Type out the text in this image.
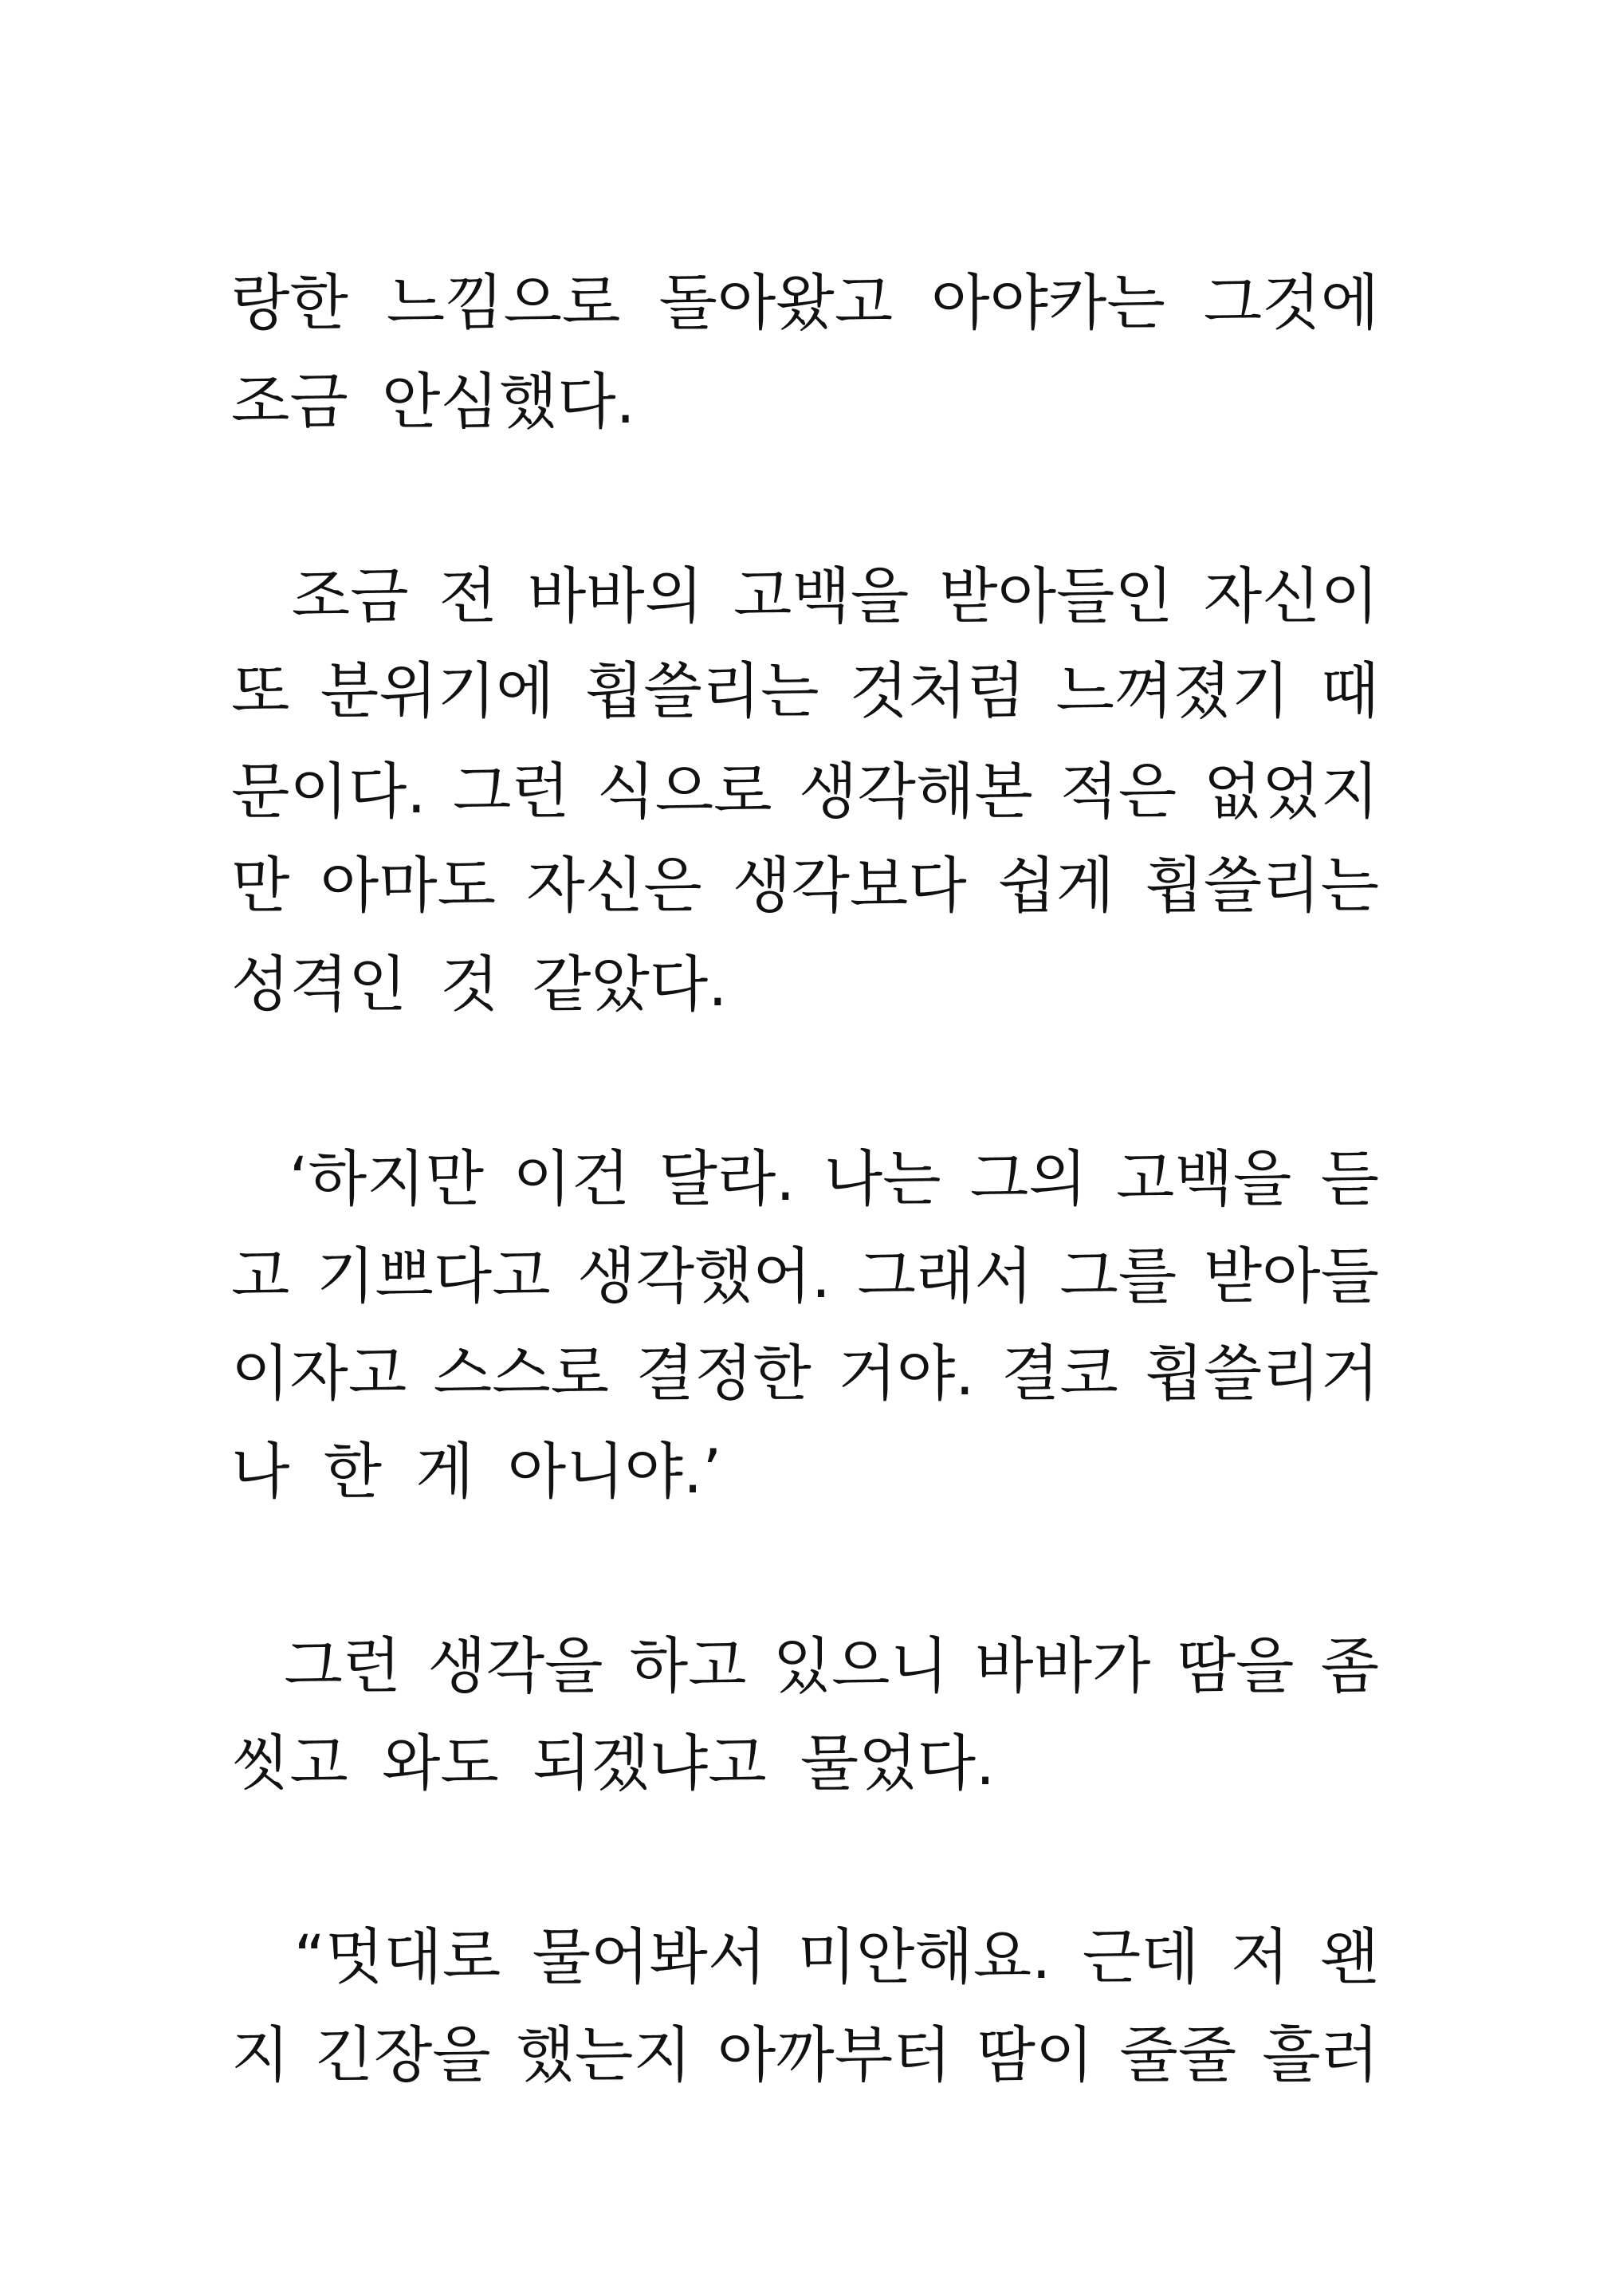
랑한 느낌으로 돌아왔고 아야카는 그것에
조금 안심했다.
조금 전 바바의 고백을 받아들인 자신이
또 분위기에 휩쓸리는 것처럼 느껴졌기 때
문이다. 그런 식으로 생각해본 적은 없었지
만 아마도 자신은 생각보다 쉽게 휩쓸리는
성격인 것 같았다.
‘하지만 이건 달라. 나는 그의 고백을 듣
고 기쁘다고 생각했어. 그래서 그를 받아들
이자고 스스로 결정한 거야. 결코 휩쓸리거
나 한 게 아니야.’
그런 생각을 하고 있으니 바바가 땀을 좀
씻고 와도 되겠냐고 물었다.
“멋대로 물어봐서 미안해요. 근데 저 왠
지 긴장을 했는지 아까부터 땀이 줄줄 흘러
